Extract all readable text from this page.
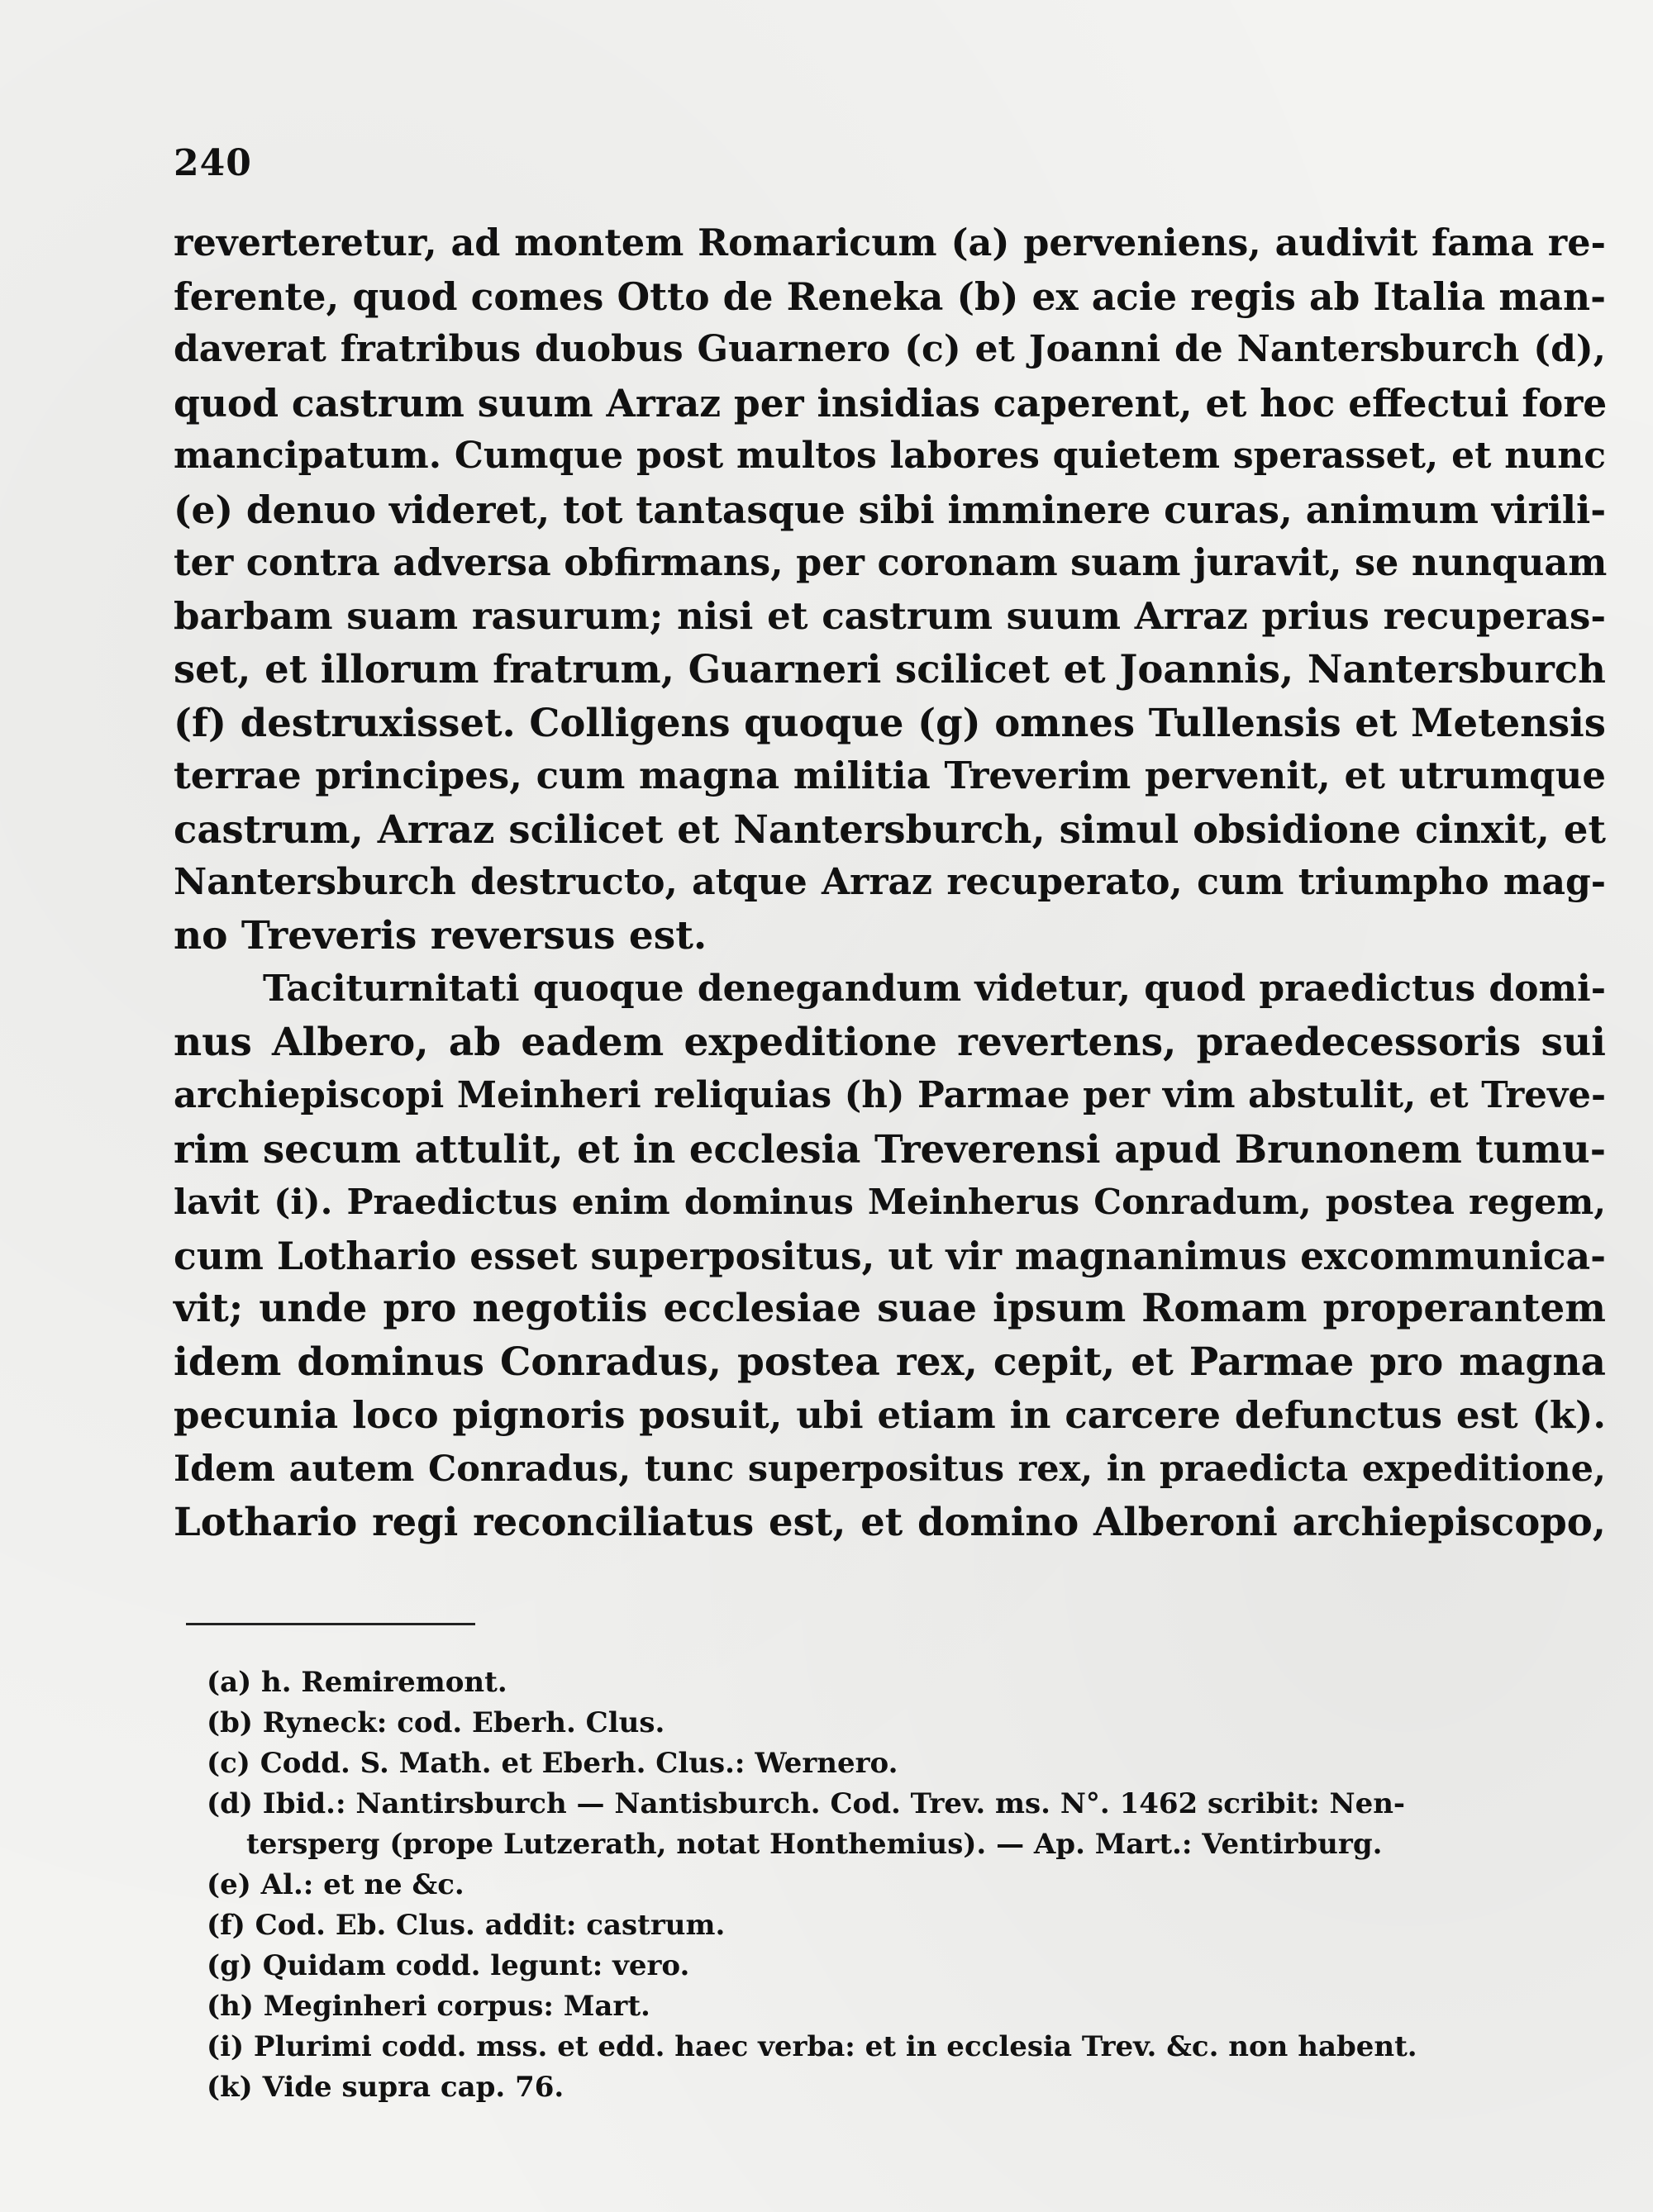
240
reverteretur, ad montem Romaricum (a) perveniens, audivit fama re-
ferente, quod comes Otto de Reneka (b) ex acie regis ab Italia man-
daverat fratribus duobus Guarnero (c) et Joanni de Nantersburch (d),
quod castrum suum Arraz per insidias caperent, et hoc effectui fore
mancipatum. Cumque post multos labores quietem sperasset, et nunc
(e) denuo videret, tot tantasque sibi imminere curas, animum virili-
ter contra adversa obfirmans, per coronam suam juravit, se nunquam
barbam suam rasurum; nisi et castrum suum Arraz prius recuperas-
set, et illorum fratrum, Guarneri scilicet et Joannis, Nantersburch
(f) destruxisset. Colligens quoque (g) omnes Tullensis et Metensis
terrae principes, cum magna militia Treverim pervenit, et utrumque
castrum, Arraz scilicet et Nantersburch, simul obsidione cinxit, et
Nantersburch destructo, atque Arraz recuperato, cum triumpho mag-
no Treveris reversus est.
Taciturnitati quoque denegandum videtur, quod praedictus domi-
nus Albero, ab eadem expeditione revertens, praedecessoris sui
archiepiscopi Meinheri reliquias (h) Parmae per vim abstulit, et Treve-
rim secum attulit, et in ecclesia Treverensi apud Brunonem tumu-
lavit (i). Praedictus enim dominus Meinherus Conradum, postea regem,
cum Lothario esset superpositus, ut vir magnanimus excommunica-
vit; unde pro negotiis ecclesiae suae ipsum Romam properantem
idem dominus Conradus, postea rex, cepit, et Parmae pro magna
pecunia loco pignoris posuit, ubi etiam in carcere defunctus est (k).
Idem autem Conradus, tunc superpositus rex, in praedicta expeditione,
Lothario regi reconciliatus est, et domino Alberoni archiepiscopo,
(a) h. Remiremont.
(b) Ryneck: cod. Eberh. Clus.
(c) Codd. S. Math. et Eberh. Clus.: Wernero.
(d) Ibid.: Nantirsburch — Nantisburch. Cod. Trev. ms. N°. 1462 scribit: Nen-
tersperg (prope Lutzerath, notat Honthemius). — Ap. Mart.: Ventirburg.
(e) Al.: et ne &c.
(f) Cod. Eb. Clus. addit: castrum.
(g) Quidam codd. legunt: vero.
(h) Meginheri corpus: Mart.
(i) Plurimi codd. mss. et edd. haec verba: et in ecclesia Trev. &c. non habent.
(k) Vide supra cap. 76.
